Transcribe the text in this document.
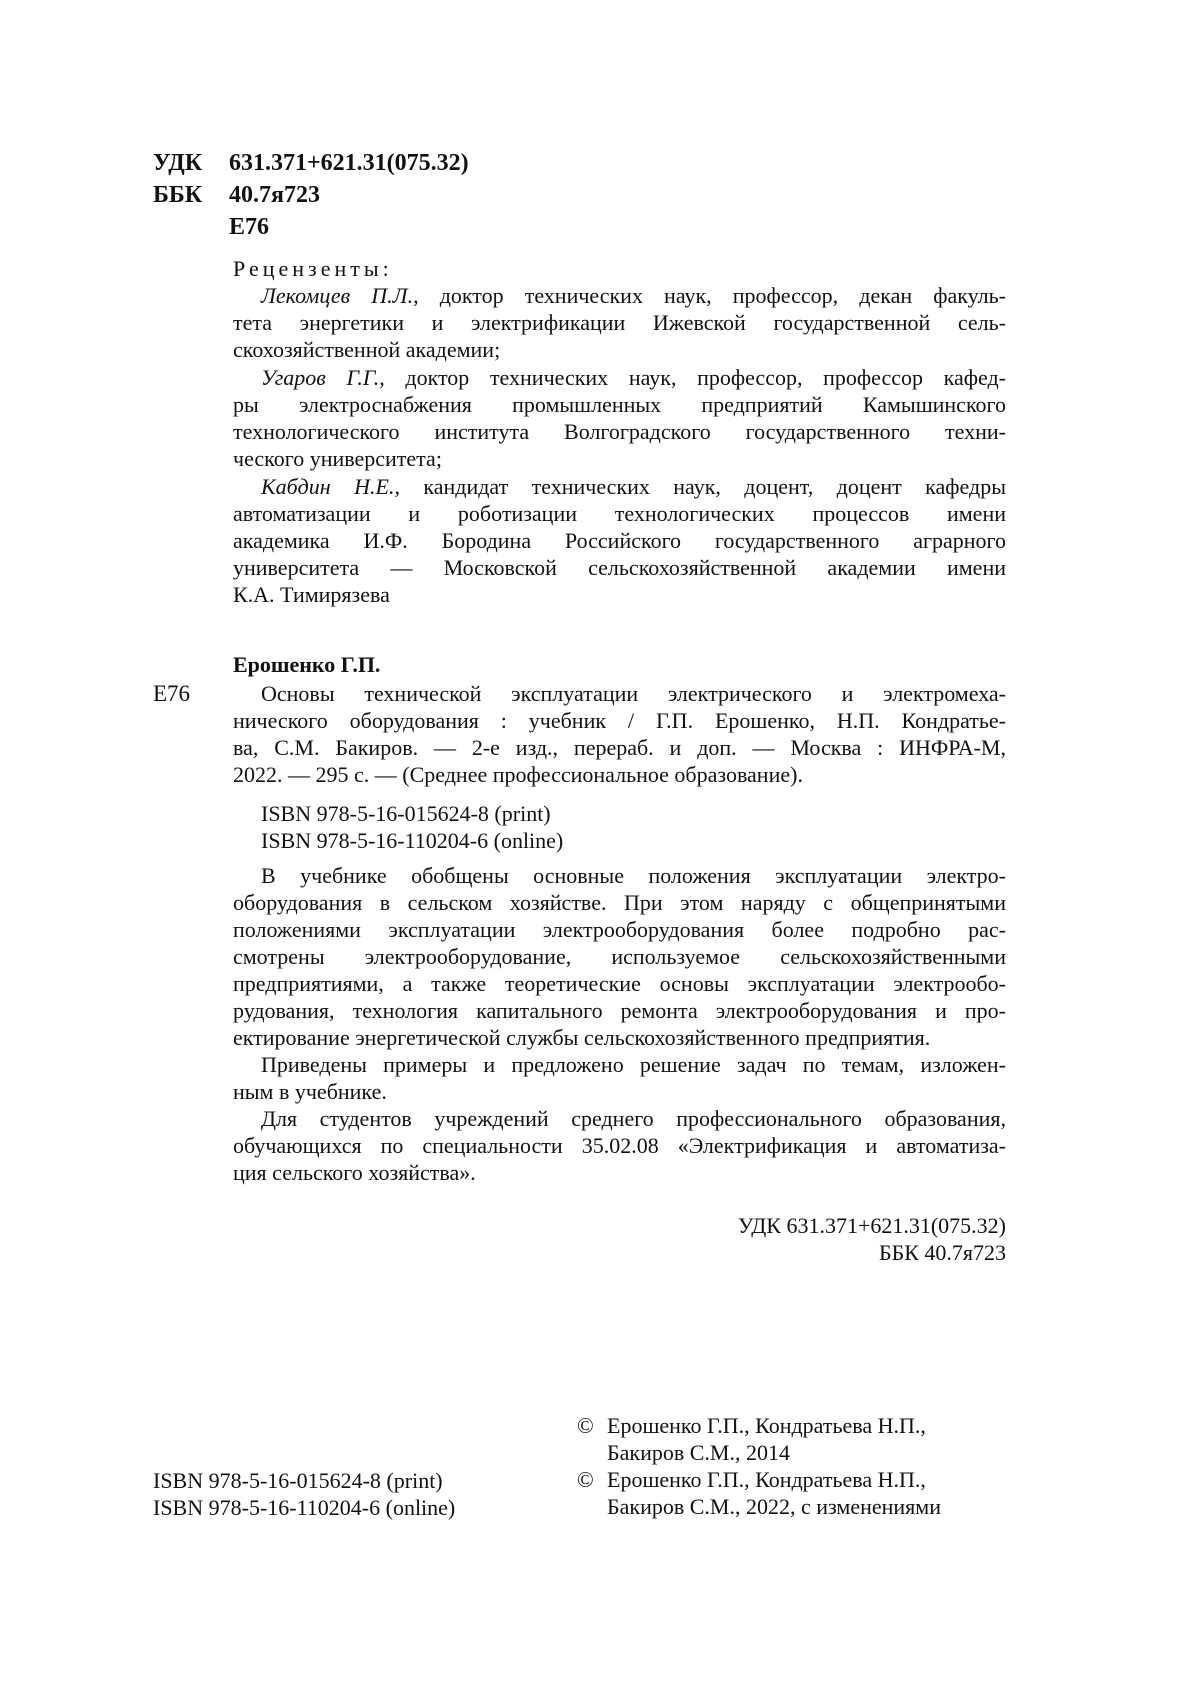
УДК 631.371+621.31(075.32)
ББК 40.7я723
Е76
Рецензенты:
Лекомцев П.Л., доктор технических наук, профессор, декан факуль-
тета энергетики и электрификации Ижевской государственной сель-
скохозяйственной академии;
Угаров Г.Г., доктор технических наук, профессор, профессор кафед-
ры электроснабжения промышленных предприятий Камышинского
технологического института Волгоградского государственного техни-
ческого университета;
Кабдин Н.Е., кандидат технических наук, доцент, доцент кафедры
автоматизации и роботизации технологических процессов имени
академика И.Ф. Бородина Российского государственного аграрного
университета — Московской сельскохозяйственной академии имени
К.А. Тимирязева
Ерошенко Г.П.
Е76	Основы технической эксплуатации электрического и электромеха-
нического оборудования : учебник / Г.П. Ерошенко, Н.П. Кондратье-
ва, С.М. Бакиров. — 2-е изд., перераб. и доп. — Москва : ИНФРА-М,
2022. — 295 с. — (Среднее профессиональное образование).
ISBN 978-5-16-015624-8 (print)
ISBN 978-5-16-110204-6 (online)
В учебнике обобщены основные положения эксплуатации электро-
оборудования в сельском хозяйстве. При этом наряду с общепринятыми
положениями эксплуатации электрооборудования более подробно рас-
смотрены электрооборудование, используемое сельскохозяйственными
предприятиями, а также теоретические основы эксплуатации электрообо-
рудования, технология капитального ремонта электрооборудования и про-
ектирование энергетической службы сельскохозяйственного предприятия.
Приведены примеры и предложено решение задач по темам, изложен-
ным в учебнике.
Для студентов учреждений среднего профессионального образования,
обучающихся по специальности 35.02.08 «Электрификация и автоматиза-
ция сельского хозяйства».
УДК 631.371+621.31(075.32)
ББК 40.7я723
ISBN 978-5-16-015624-8 (print)
ISBN 978-5-16-110204-6 (online)
© Ерошенко Г.П., Кондратьева Н.П.,
Бакиров С.М., 2014
© Ерошенко Г.П., Кондратьева Н.П.,
Бакиров С.М., 2022, с изменениями
